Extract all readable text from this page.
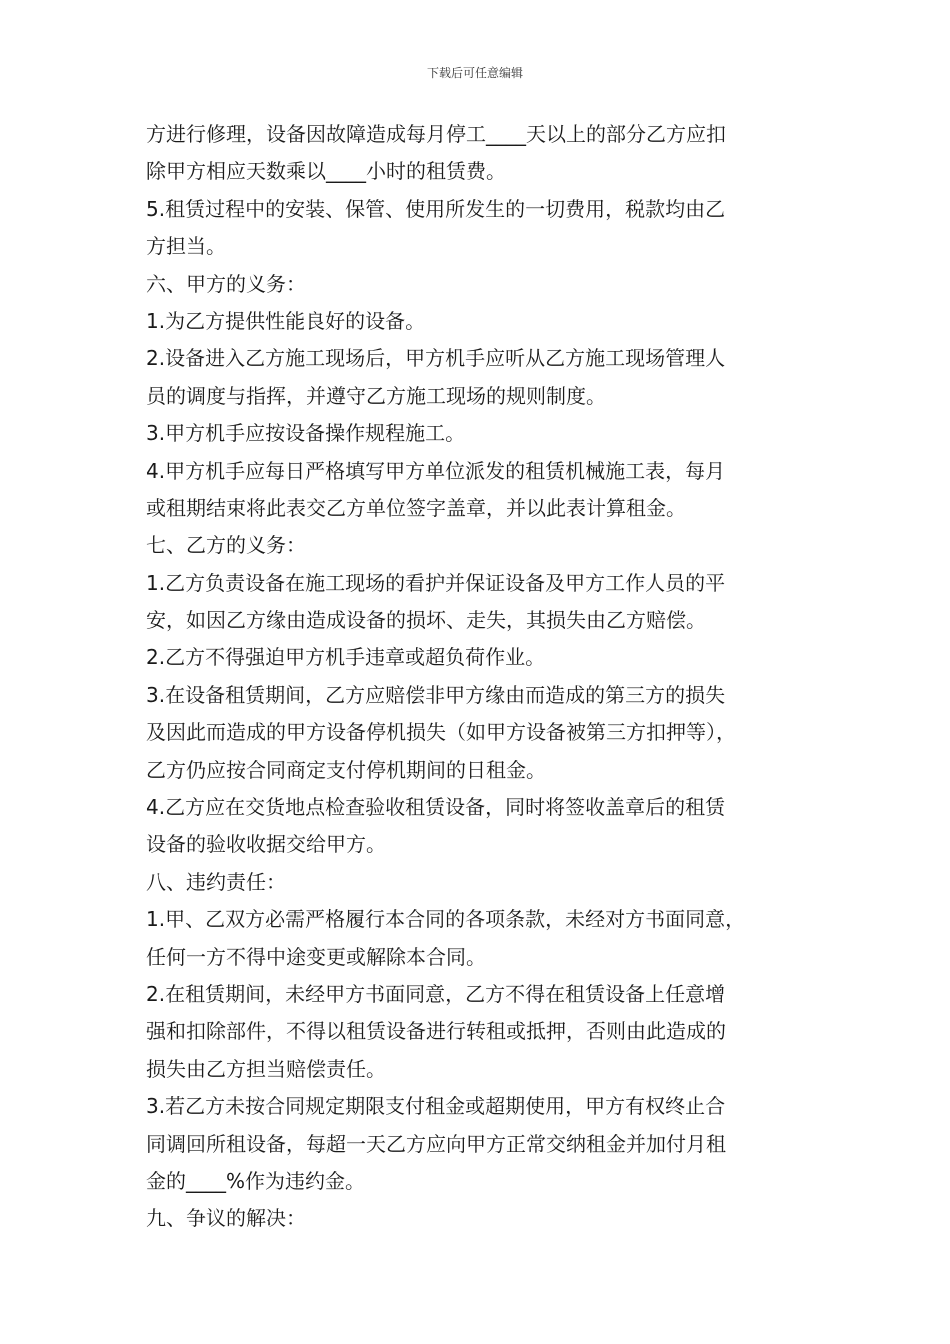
下载后可任意编辑
方进行修理，设备因故障造成每月停工____天以上的部分乙方应扣
除甲方相应天数乘以____小时的租赁费。
5.租赁过程中的安装、保管、使用所发生的一切费用，税款均由乙
方担当。
六、甲方的义务：
1.为乙方提供性能良好的设备。
2.设备进入乙方施工现场后，甲方机手应听从乙方施工现场管理人
员的调度与指挥，并遵守乙方施工现场的规则制度。
3.甲方机手应按设备操作规程施工。
4.甲方机手应每日严格填写甲方单位派发的租赁机械施工表，每月
或租期结束将此表交乙方单位签字盖章，并以此表计算租金。
七、乙方的义务：
1.乙方负责设备在施工现场的看护并保证设备及甲方工作人员的平
安，如因乙方缘由造成设备的损坏、走失，其损失由乙方赔偿。
2.乙方不得强迫甲方机手违章或超负荷作业。
3.在设备租赁期间，乙方应赔偿非甲方缘由而造成的第三方的损失
及因此而造成的甲方设备停机损失（如甲方设备被第三方扣押等），
乙方仍应按合同商定支付停机期间的日租金。
4.乙方应在交货地点检查验收租赁设备，同时将签收盖章后的租赁
设备的验收收据交给甲方。
八、违约责任：
1.甲、乙双方必需严格履行本合同的各项条款，未经对方书面同意，
任何一方不得中途变更或解除本合同。
2.在租赁期间，未经甲方书面同意，乙方不得在租赁设备上任意增
强和扣除部件，不得以租赁设备进行转租或抵押，否则由此造成的
损失由乙方担当赔偿责任。
3.若乙方未按合同规定期限支付租金或超期使用，甲方有权终止合
同调回所租设备，每超一天乙方应向甲方正常交纳租金并加付月租
金的____%作为违约金。
九、争议的解决：
